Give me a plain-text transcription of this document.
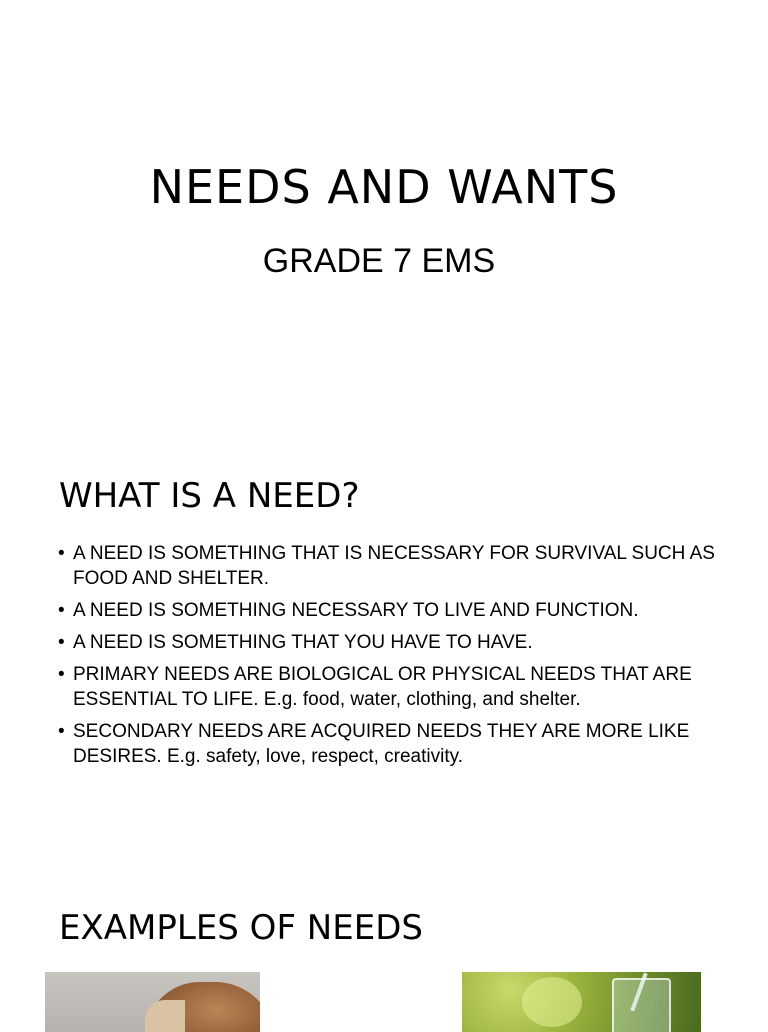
NEEDS AND WANTS
GRADE 7 EMS
WHAT IS A NEED?
• A NEED IS SOMETHING THAT IS NECESSARY FOR SURVIVAL SUCH AS FOOD AND SHELTER.
• A NEED IS SOMETHING NECESSARY TO LIVE AND FUNCTION.
• A NEED IS SOMETHING THAT YOU HAVE TO HAVE.
• PRIMARY NEEDS ARE BIOLOGICAL OR PHYSICAL NEEDS THAT ARE ESSENTIAL TO LIFE. E.g. food, water, clothing, and shelter.
• SECONDARY NEEDS ARE ACQUIRED NEEDS THEY ARE MORE LIKE DESIRES. E.g. safety, love, respect, creativity.
EXAMPLES OF NEEDS
